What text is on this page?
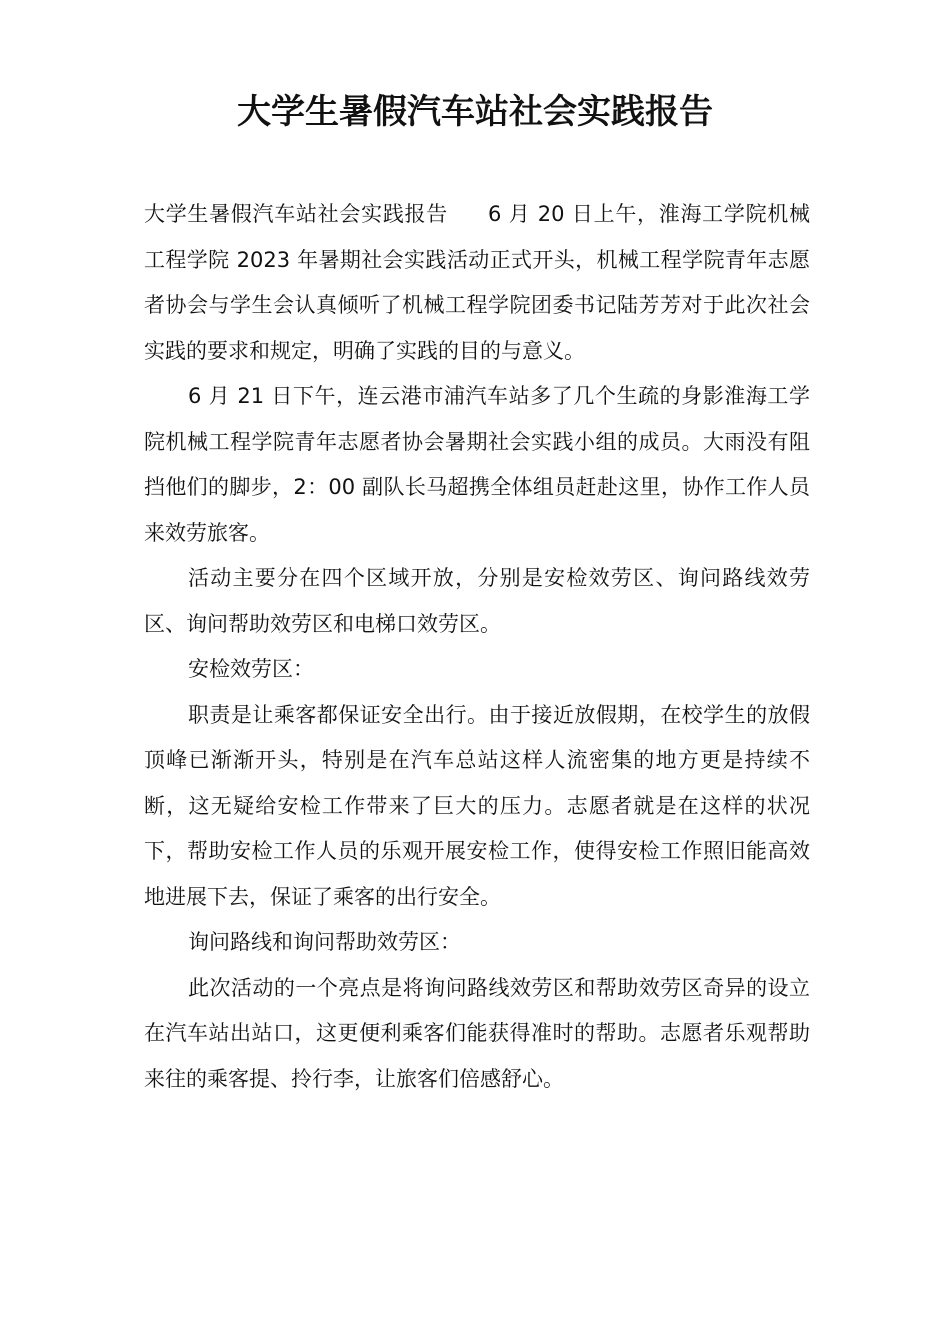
大学生暑假汽车站社会实践报告

大学生暑假汽车站社会实践报告 6 月 20 日上午，淮海工学院机械工程学院 2023 年暑期社会实践活动正式开头，机械工程学院青年志愿者协会与学生会认真倾听了机械工程学院团委书记陆芳芳对于此次社会实践的要求和规定，明确了实践的目的与意义。

6 月 21 日下午，连云港市浦汽车站多了几个生疏的身影淮海工学院机械工程学院青年志愿者协会暑期社会实践小组的成员。大雨没有阻挡他们的脚步，2：00 副队长马超携全体组员赶赴这里，协作工作人员来效劳旅客。

活动主要分在四个区域开放，分别是安检效劳区、询问路线效劳区、询问帮助效劳区和电梯口效劳区。

安检效劳区：

职责是让乘客都保证安全出行。由于接近放假期，在校学生的放假顶峰已渐渐开头，特别是在汽车总站这样人流密集的地方更是持续不断，这无疑给安检工作带来了巨大的压力。志愿者就是在这样的状况下，帮助安检工作人员的乐观开展安检工作，使得安检工作照旧能高效地进展下去，保证了乘客的出行安全。

询问路线和询问帮助效劳区：

此次活动的一个亮点是将询问路线效劳区和帮助效劳区奇异的设立在汽车站出站口，这更便利乘客们能获得准时的帮助。志愿者乐观帮助来往的乘客提、拎行李，让旅客们倍感舒心。
